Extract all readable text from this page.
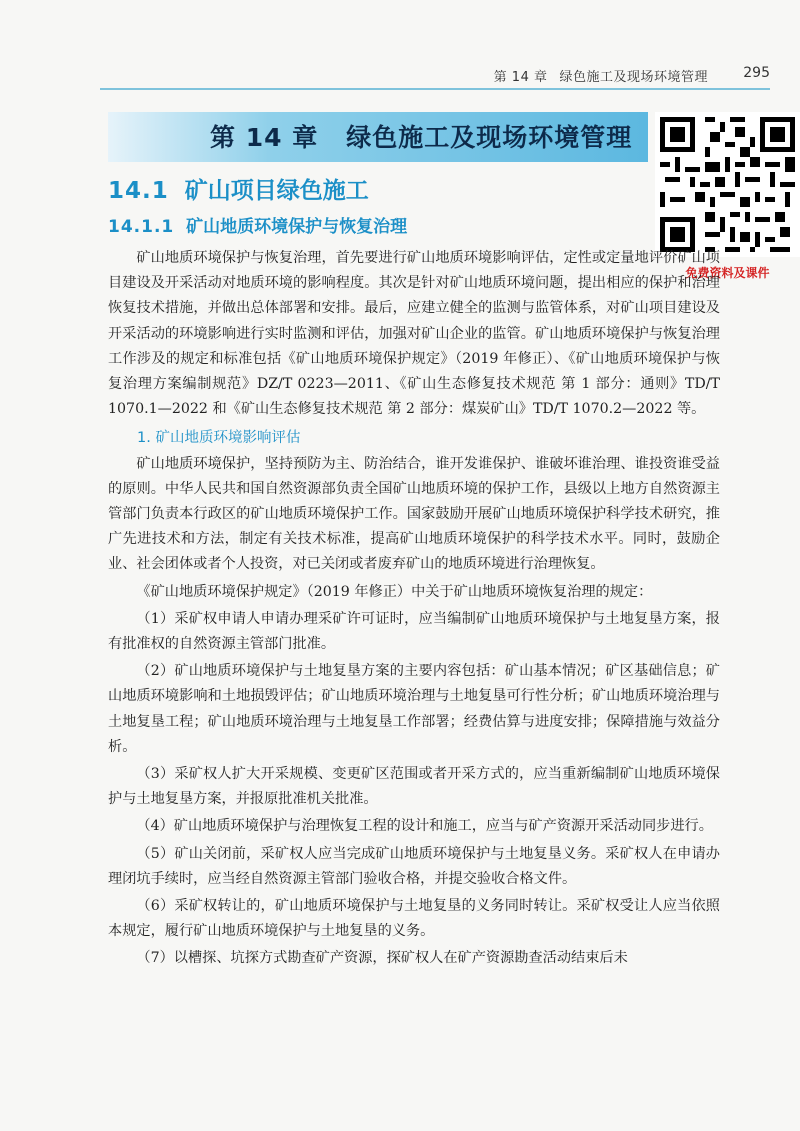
第 14 章 绿色施工及现场环境管理	295
第 14 章 绿色施工及现场环境管理
免费资料及课件
14.1 矿山项目绿色施工
14.1.1 矿山地质环境保护与恢复治理

矿山地质环境保护与恢复治理，首先要进行矿山地质环境影响评估，定性或定量地评价矿山项目建设及开采活动对地质环境的影响程度。其次是针对矿山地质环境问题，提出相应的保护和治理恢复技术措施，并做出总体部署和安排。最后，应建立健全的监测与监管体系，对矿山项目建设及开采活动的环境影响进行实时监测和评估，加强对矿山企业的监管。矿山地质环境保护与恢复治理工作涉及的规定和标准包括《矿山地质环境保护规定》（2019 年修正）、《矿山地质环境保护与恢复治理方案编制规范》DZ/T 0223—2011、《矿山生态修复技术规范 第 1 部分：通则》TD/T 1070.1—2022 和《矿山生态修复技术规范 第 2 部分：煤炭矿山》TD/T 1070.2—2022 等。

1. 矿山地质环境影响评估

矿山地质环境保护，坚持预防为主、防治结合，谁开发谁保护、谁破坏谁治理、谁投资谁受益的原则。中华人民共和国自然资源部负责全国矿山地质环境的保护工作，县级以上地方自然资源主管部门负责本行政区的矿山地质环境保护工作。国家鼓励开展矿山地质环境保护科学技术研究，推广先进技术和方法，制定有关技术标准，提高矿山地质环境保护的科学技术水平。同时，鼓励企业、社会团体或者个人投资，对已关闭或者废弃矿山的地质环境进行治理恢复。

《矿山地质环境保护规定》（2019 年修正）中关于矿山地质环境恢复治理的规定：

（1）采矿权申请人申请办理采矿许可证时，应当编制矿山地质环境保护与土地复垦方案，报有批准权的自然资源主管部门批准。

（2）矿山地质环境保护与土地复垦方案的主要内容包括：矿山基本情况；矿区基础信息；矿山地质环境影响和土地损毁评估；矿山地质环境治理与土地复垦可行性分析；矿山地质环境治理与土地复垦工程；矿山地质环境治理与土地复垦工作部署；经费估算与进度安排；保障措施与效益分析。

（3）采矿权人扩大开采规模、变更矿区范围或者开采方式的，应当重新编制矿山地质环境保护与土地复垦方案，并报原批准机关批准。

（4）矿山地质环境保护与治理恢复工程的设计和施工，应当与矿产资源开采活动同步进行。

（5）矿山关闭前，采矿权人应当完成矿山地质环境保护与土地复垦义务。采矿权人在申请办理闭坑手续时，应当经自然资源主管部门验收合格，并提交验收合格文件。

（6）采矿权转让的，矿山地质环境保护与土地复垦的义务同时转让。采矿权受让人应当依照本规定，履行矿山地质环境保护与土地复垦的义务。

（7）以槽探、坑探方式勘查矿产资源，探矿权人在矿产资源勘查活动结束后未
